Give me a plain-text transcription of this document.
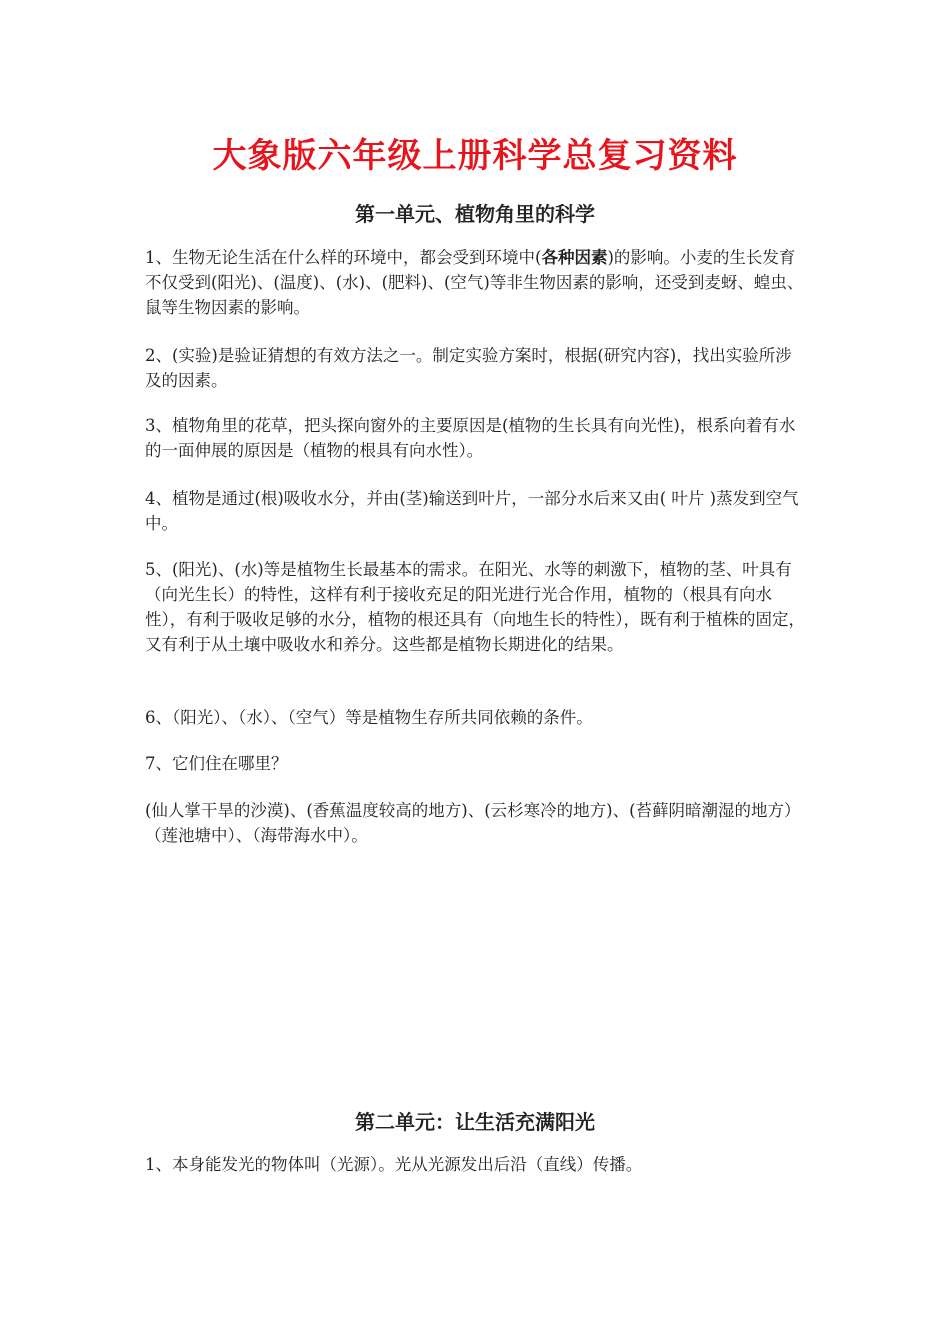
大象版六年级上册科学总复习资料
第一单元、植物角里的科学

1、生物无论生活在什么样的环境中，都会受到环境中(各种因素)的影响。小麦的生长发育不仅受到(阳光)、(温度)、(水)、(肥料)、(空气)等非生物因素的影响，还受到麦蚜、蝗虫、鼠等生物因素的影响。

2、(实验)是验证猜想的有效方法之一。制定实验方案时，根据(研究内容)，找出实验所涉及的因素。

3、植物角里的花草，把头探向窗外的主要原因是(植物的生长具有向光性)，根系向着有水的一面伸展的原因是（植物的根具有向水性）。

4、植物是通过(根)吸收水分，并由(茎)输送到叶片，一部分水后来又由( 叶片 )蒸发到空气中。

5、(阳光)、(水)等是植物生长最基本的需求。在阳光、水等的刺激下，植物的茎、叶具有（向光生长）的特性，这样有利于接收充足的阳光进行光合作用，植物的（根具有向水性），有利于吸收足够的水分，植物的根还具有（向地生长的特性），既有利于植株的固定，又有利于从土壤中吸收水和养分。这些都是植物长期进化的结果。

6、（阳光）、（水）、（空气）等是植物生存所共同依赖的条件。

7、它们住在哪里？

(仙人掌干旱的沙漠)、(香蕉温度较高的地方)、(云杉寒冷的地方)、(苔藓阴暗潮湿的地方）（莲池塘中）、（海带海水中）。

第二单元：让生活充满阳光

1、本身能发光的物体叫（光源）。光从光源发出后沿（直线）传播。
